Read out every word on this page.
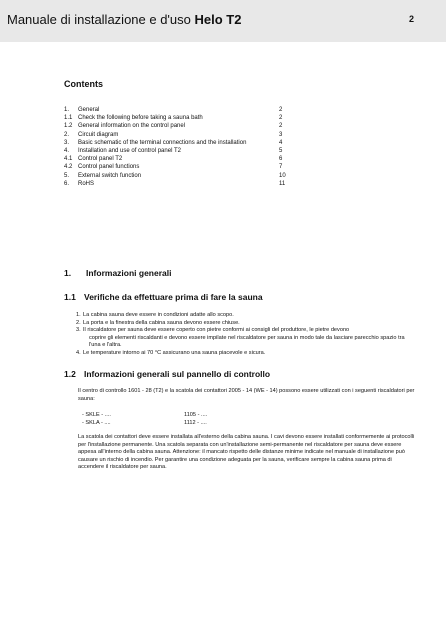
Manuale di installazione e d'uso Helo T2	2
Contents
1. General	2
1.1 Check the following before taking a sauna bath	2
1.2 General information on the control panel	2
2. Circuit diagram	3
3. Basic schematic of the terminal connections and the installation	4
4. Installation and use of control panel T2	5
4.1 Control panel T2	6
4.2 Control panel functions	7
5. External switch function	10
6. RoHS	11
1. Informazioni generali
1.1 Verifiche da effettuare prima di fare la sauna
1. La cabina sauna deve essere in condizioni adatte allo scopo.
2. La porta e la finestra della cabina sauna devono essere chiuse.
3. Il riscaldatore per sauna deve essere coperto con pietre conformi ai consigli del produttore, le pietre devono
coprire gli elementi riscaldanti e devono essere impilate nel riscaldatore per sauna in modo tale da lasciare parecchio spazio tra l'una e l'altra.
4. Le temperature intorno ai 70 °C assicurano una sauna piacevole e sicura.
1.2 Informazioni generali sul pannello di controllo
Il centro di controllo 1601 - 28 (T2) e la scatola dei contattori 2005 - 14 (WE - 14) possono essere utilizzati con i seguenti riscaldatori per sauna:
- SKLE - ....	1105 - ....
- SKLA - ....	1112 - ....
La scatola dei contattori deve essere installata all'esterno della cabina sauna. I cavi devono essere installati conformemente ai protocolli per l'installazione permanente. Una scatola separata con un'installazione semi-permanente nel riscaldatore per sauna deve essere appesa all'interno della cabina sauna. Attenzione: il mancato rispetto delle distanze minime indicate nel manuale di installazione può causare un rischio di incendio. Per garantire una condizione adeguata per la sauna, verificare sempre la cabina sauna prima di accendere il riscaldatore per sauna.
